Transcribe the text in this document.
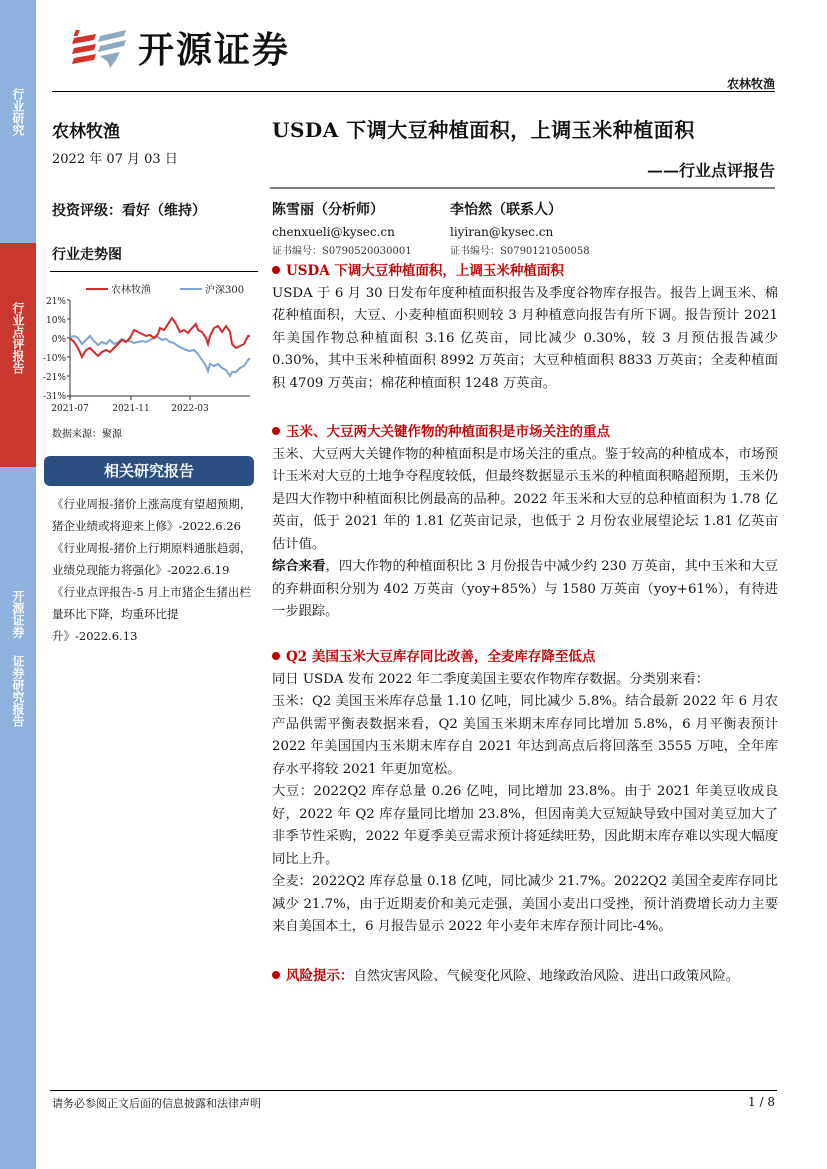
行业研究
行业点评报告
开源证券
证券研究报告
开源证券
农林牧渔
农林牧渔
2022 年 07 月 03 日
投资评级：看好（维持）
行业走势图
农林牧渔	沪深300
21%
10%
0%
-10%
-21%
-31%
2021-07	2021-11 2022-03
数据来源：聚源
相关研究报告
《行业周报-猪价上涨高度有望超预期，猪企业绩或将迎来上修》-2022.6.26
《行业周报-猪价上行期原料通胀趋弱，业绩兑现能力将强化》-2022.6.19
《行业点评报告-5 月上市猪企生猪出栏量环比下降，均重环比提升》-2022.6.13
USDA 下调大豆种植面积，上调玉米种植面积
——行业点评报告
陈雪丽（分析师）
chenxueli@kysec.cn
证书编号：S0790520030001
李怡然（联系人）
liyiran@kysec.cn
证书编号：S0790121050058
USDA 下调大豆种植面积，上调玉米种植面积

USDA 于 6 月 30 日发布年度种植面积报告及季度谷物库存报告。报告上调玉米、棉花种植面积，大豆、小麦种植面积则较 3 月种植意向报告有所下调。报告预计 2021 年美国作物总种植面积 3.16 亿英亩，同比减少 0.30%，较 3 月预估报告减少 0.30%，其中玉米种植面积 8992 万英亩；大豆种植面积 8833 万英亩；全麦种植面积 4709 万英亩；棉花种植面积 1248 万英亩。

玉米、大豆两大关键作物的种植面积是市场关注的重点

玉米、大豆两大关键作物的种植面积是市场关注的重点。鉴于较高的种植成本，市场预计玉米对大豆的土地争夺程度较低，但最终数据显示玉米的种植面积略超预期，玉米仍是四大作物中种植面积比例最高的品种。2022 年玉米和大豆的总种植面积为 1.78 亿英亩，低于 2021 年的 1.81 亿英亩记录，也低于 2 月份农业展望论坛 1.81 亿英亩估计值。

综合来看，四大作物的种植面积比 3 月份报告中减少约 230 万英亩，其中玉米和大豆的弃耕面积分别为 402 万英亩（yoy+85%）与 1580 万英亩（yoy+61%），有待进一步跟踪。

Q2 美国玉米大豆库存同比改善，全麦库存降至低点

同日 USDA 发布 2022 年二季度美国主要农作物库存数据。分类别来看：

玉米：Q2 美国玉米库存总量 1.10 亿吨，同比减少 5.8%。结合最新 2022 年 6 月农产品供需平衡表数据来看，Q2 美国玉米期末库存同比增加 5.8%，6 月平衡表预计 2022 年美国国内玉米期末库存自 2021 年达到高点后将回落至 3555 万吨，全年库存水平将较 2021 年更加宽松。

大豆：2022Q2 库存总量 0.26 亿吨，同比增加 23.8%。由于 2021 年美豆收成良好，2022 年 Q2 库存量同比增加 23.8%，但因南美大豆短缺导致中国对美豆加大了非季节性采购，2022 年夏季美豆需求预计将延续旺势，因此期末库存难以实现大幅度同比上升。

全麦：2022Q2 库存总量 0.18 亿吨，同比减少 21.7%。2022Q2 美国全麦库存同比减少 21.7%，由于近期麦价和美元走强，美国小麦出口受挫，预计消费增长动力主要来自美国本土，6 月报告显示 2022 年小麦年末库存预计同比-4%。

风险提示：自然灾害风险、气候变化风险、地缘政治风险、进出口政策风险。
请务必参阅正文后面的信息披露和法律声明	1 / 8
